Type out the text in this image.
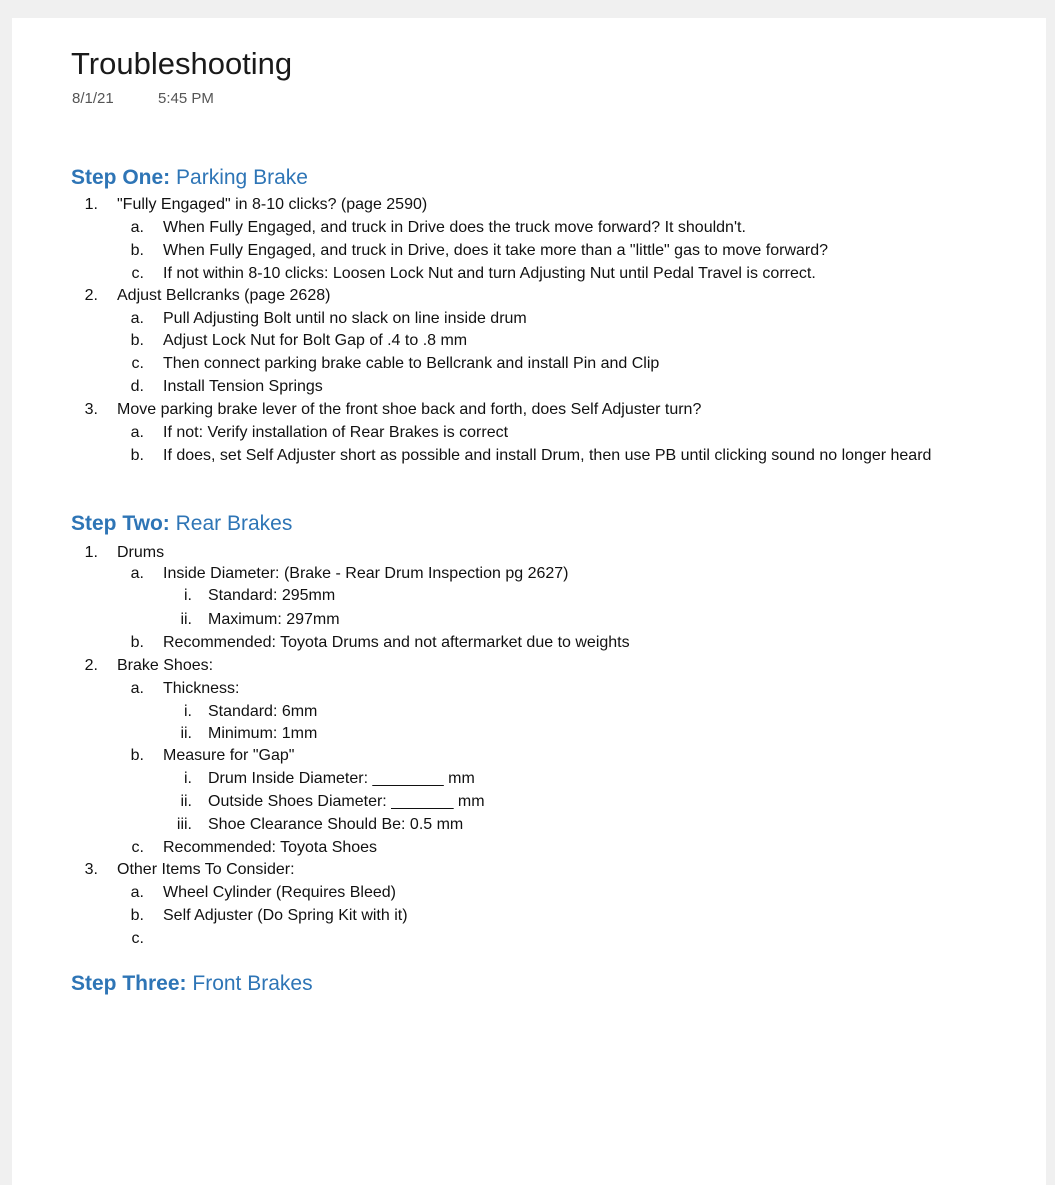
Troubleshooting
8/1/21	5:45 PM
Step One: Parking Brake
Step Two: Rear Brakes
Step Three: Front Brakes
1. "Fully Engaged" in 8-10 clicks? (page 2590)
a. When Fully Engaged, and truck in Drive does the truck move forward? It shouldn't.
b. When Fully Engaged, and truck in Drive, does it take more than a "little" gas to move forward?
c. If not within 8-10 clicks: Loosen Lock Nut and turn Adjusting Nut until Pedal Travel is correct.
2. Adjust Bellcranks (page 2628)
a. Pull Adjusting Bolt until no slack on line inside drum
b. Adjust Lock Nut for Bolt Gap of .4 to .8 mm
c. Then connect parking brake cable to Bellcrank and install Pin and Clip
d. Install Tension Springs
3. Move parking brake lever of the front shoe back and forth, does Self Adjuster turn?
a. If not: Verify installation of Rear Brakes is correct
b. If does, set Self Adjuster short as possible and install Drum, then use PB until clicking sound no longer heard
1. Drums
a. Inside Diameter: (Brake - Rear Drum Inspection pg 2627)
i. Standard: 295mm
ii. Maximum: 297mm
b. Recommended: Toyota Drums and not aftermarket due to weights
2. Brake Shoes:
a. Thickness:
i. Standard: 6mm
ii. Minimum: 1mm
b. Measure for "Gap"
i. Drum Inside Diameter: ________ mm
ii. Outside Shoes Diameter: _______ mm
iii. Shoe Clearance Should Be: 0.5 mm
c. Recommended: Toyota Shoes
3. Other Items To Consider:
a. Wheel Cylinder (Requires Bleed)
b. Self Adjuster (Do Spring Kit with it)
c.
